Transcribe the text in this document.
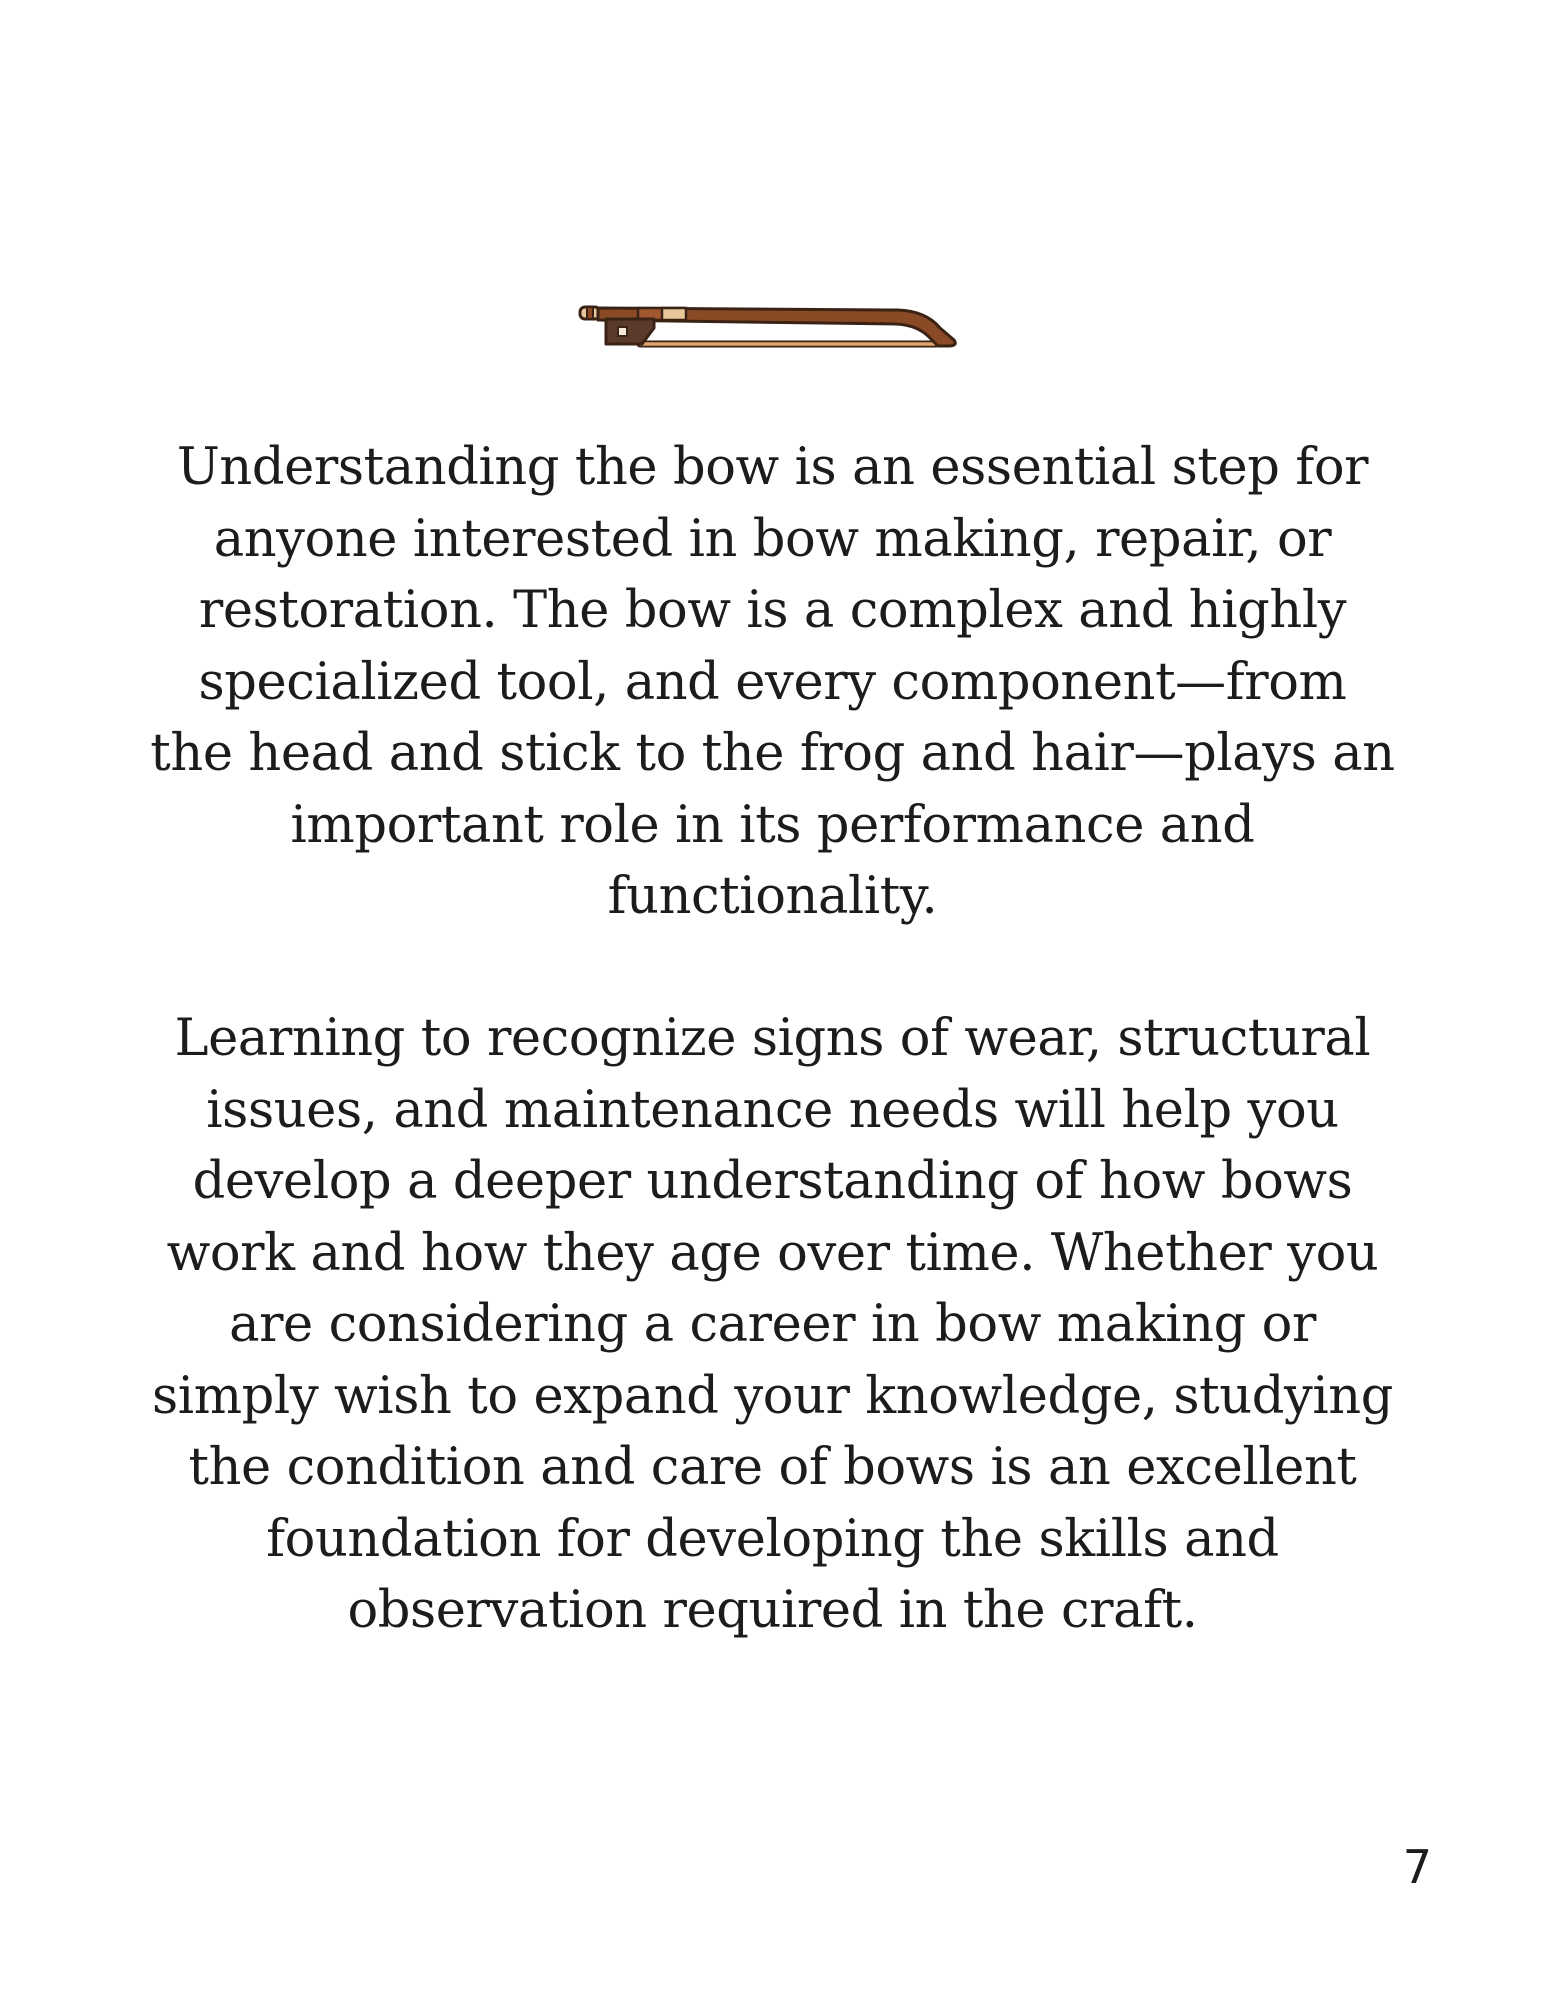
Understanding the bow is an essential step for anyone interested in bow making, repair, or restoration. The bow is a complex and highly specialized tool, and every component—from the head and stick to the frog and hair—plays an important role in its performance and functionality.

Learning to recognize signs of wear, structural issues, and maintenance needs will help you develop a deeper understanding of how bows work and how they age over time. Whether you are considering a career in bow making or simply wish to expand your knowledge, studying the condition and care of bows is an excellent foundation for developing the skills and observation required in the craft.

7
